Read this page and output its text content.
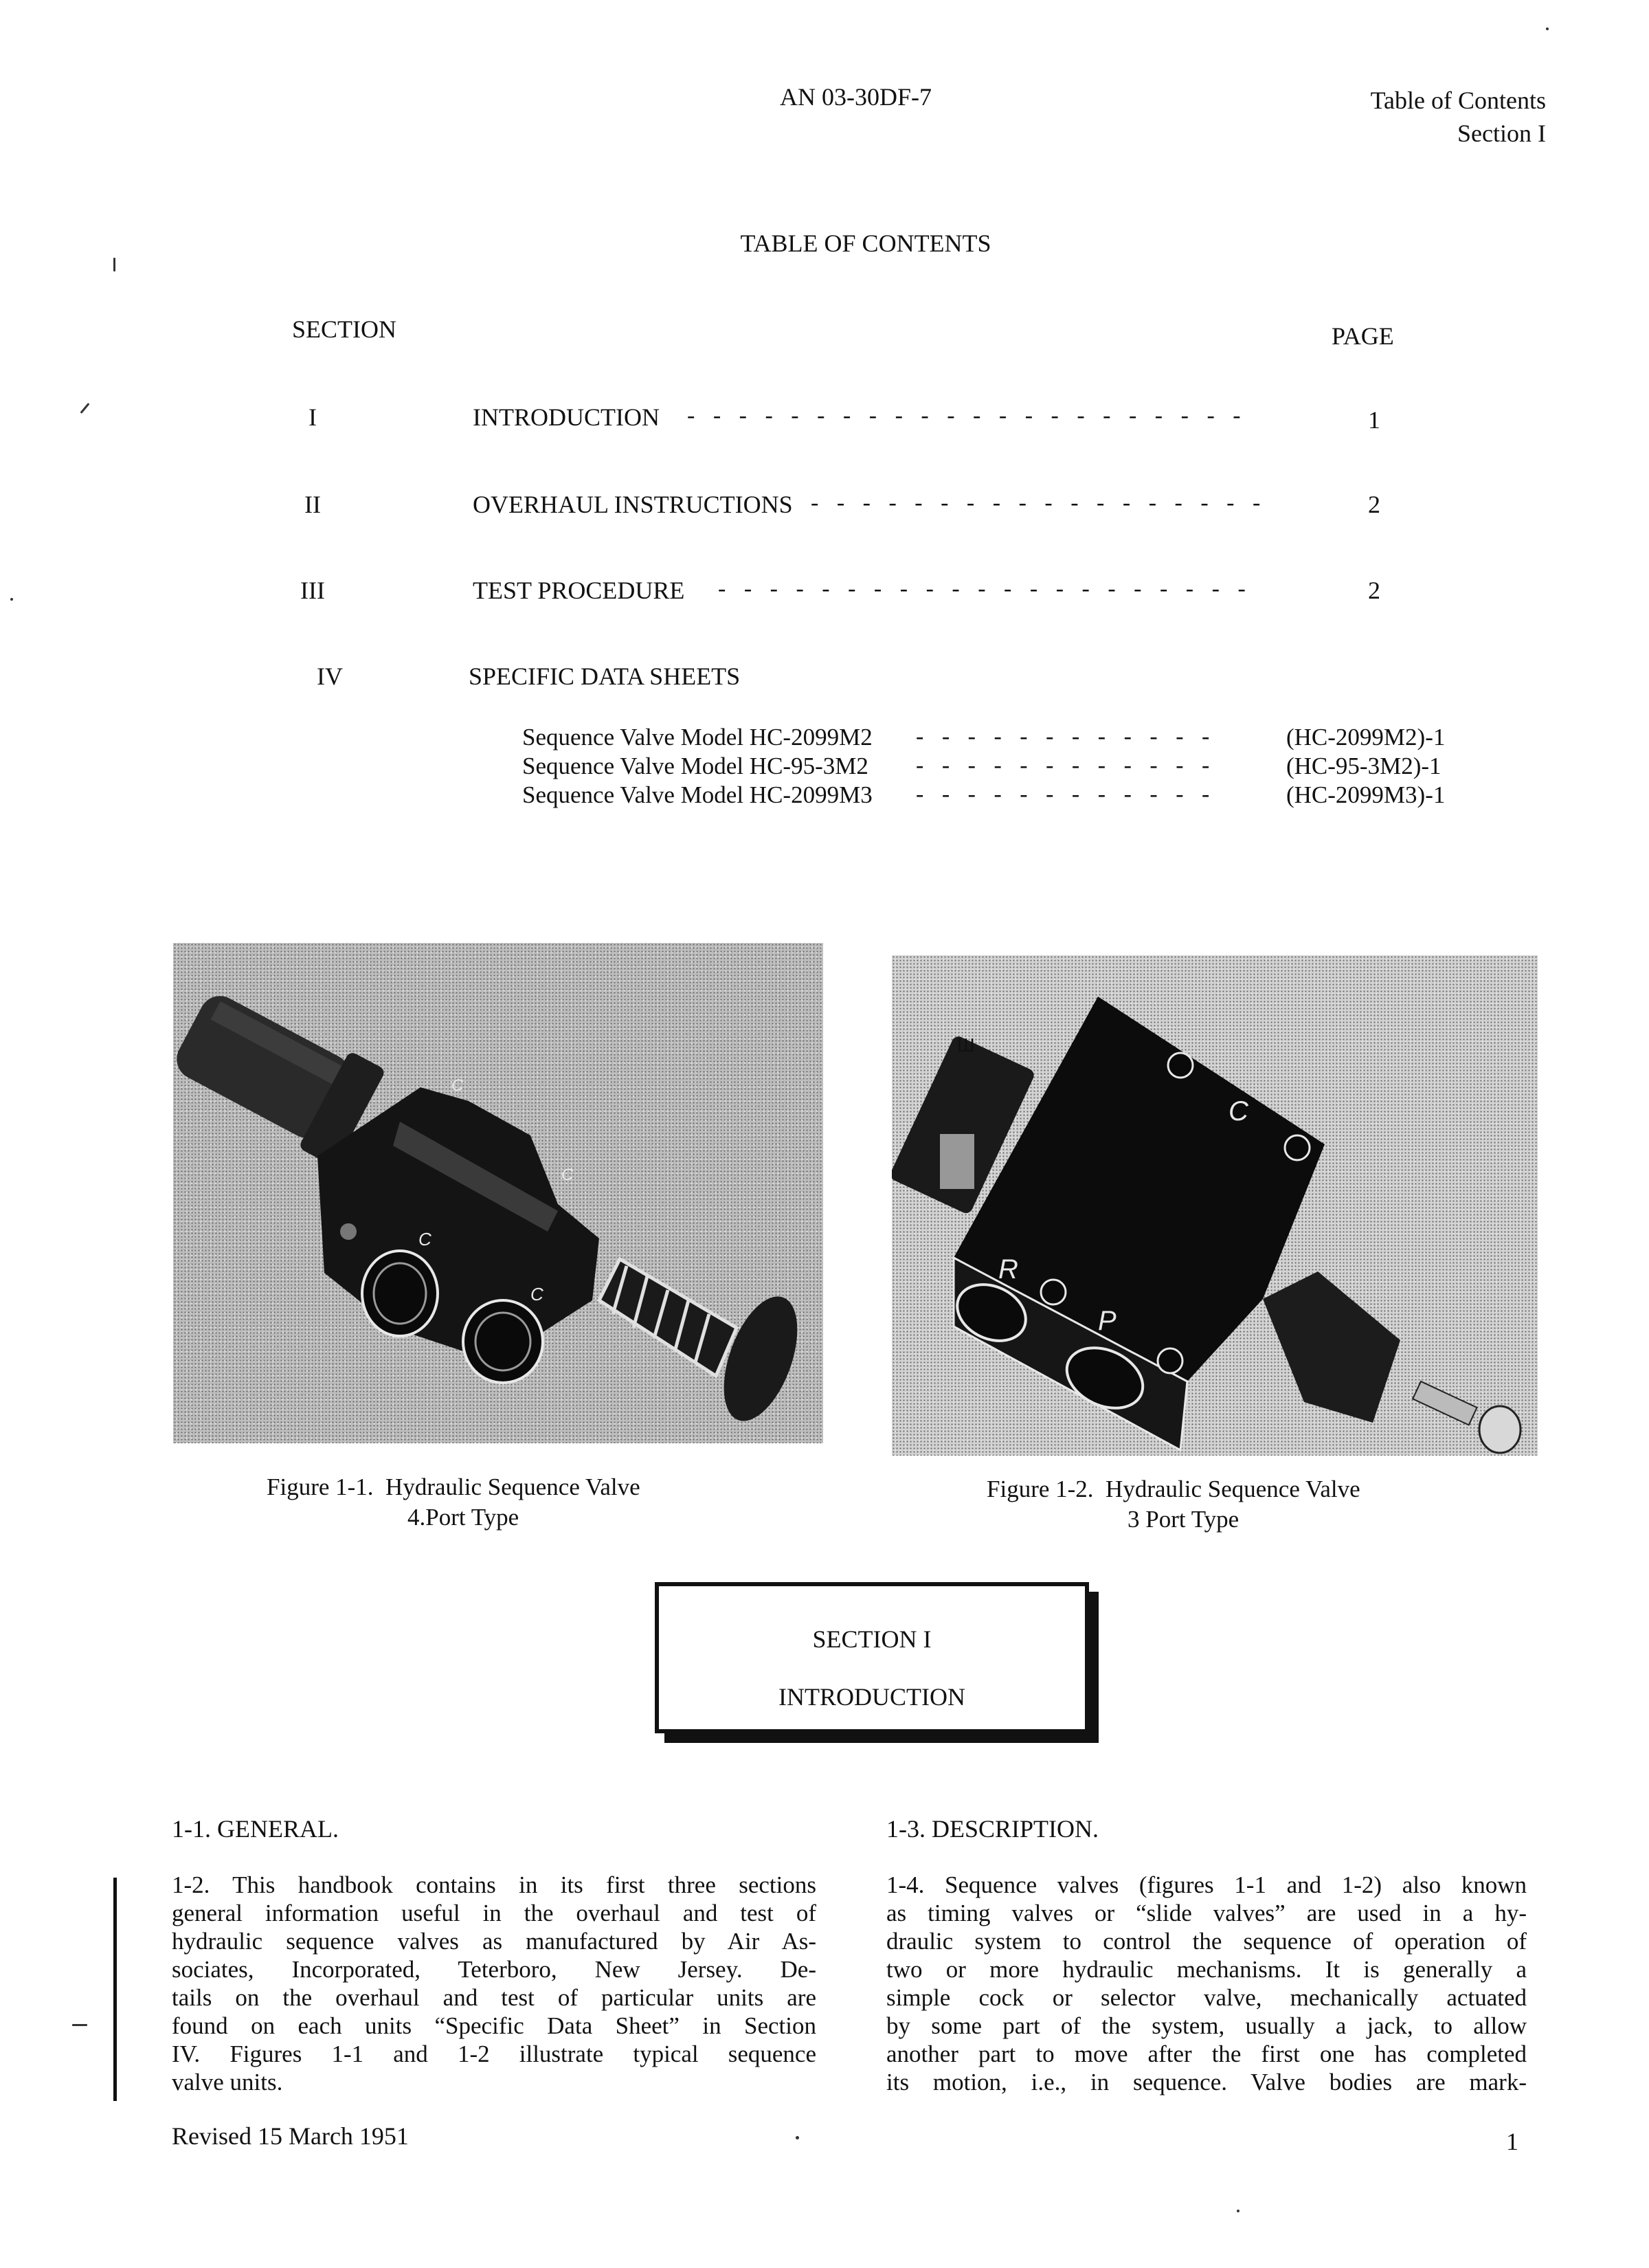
AN 03-30DF-7	Table of Contents
Section I
TABLE OF CONTENTS
SECTION	PAGE
I	INTRODUCTION - - - - - - - - - - - - - - - - - - - - - -	1
II	OVERHAUL INSTRUCTIONS - - - - - - - - - - - - - - - - - -	2
III	TEST PROCEDURE - - - - - - - - - - - - - - - - - - - - -	2
IV	SPECIFIC DATA SHEETS
Sequence Valve Model HC-2099M2 - - - - - - - - - - - -	(HC-2099M2)-1
Sequence Valve Model HC-95-3M2 - - - - - - - - - - - -	(HC-95-3M2)-1
Sequence Valve Model HC-2099M3 - - - - - - - - - - - -	(HC-2099M3)-1
C
C
C
C
Ш
C
R
P
Figure 1-1. Hydraulic Sequence Valve
4.Port Type
Figure 1-2. Hydraulic Sequence Valve
3 Port Type
SECTION I
INTRODUCTION
1-1. GENERAL.	1-3. DESCRIPTION.
1-2. This handbook contains in its first three sections
general information useful in the overhaul and test of
hydraulic sequence valves as manufactured by Air As-
sociates, Incorporated, Teterboro, New Jersey. De-
tails on the overhaul and test of particular units are
found on each units “Specific Data Sheet” in Section
IV. Figures 1-1 and 1-2 illustrate typical sequence
valve units.
1-4. Sequence valves (figures 1-1 and 1-2) also known
as timing valves or “slide valves” are used in a hy-
draulic system to control the sequence of operation of
two or more hydraulic mechanisms. It is generally a
simple cock or selector valve, mechanically actuated
by some part of the system, usually a jack, to allow
another part to move after the first one has completed
its motion, i.e., in sequence. Valve bodies are mark-
Revised 15 March 1951	1
